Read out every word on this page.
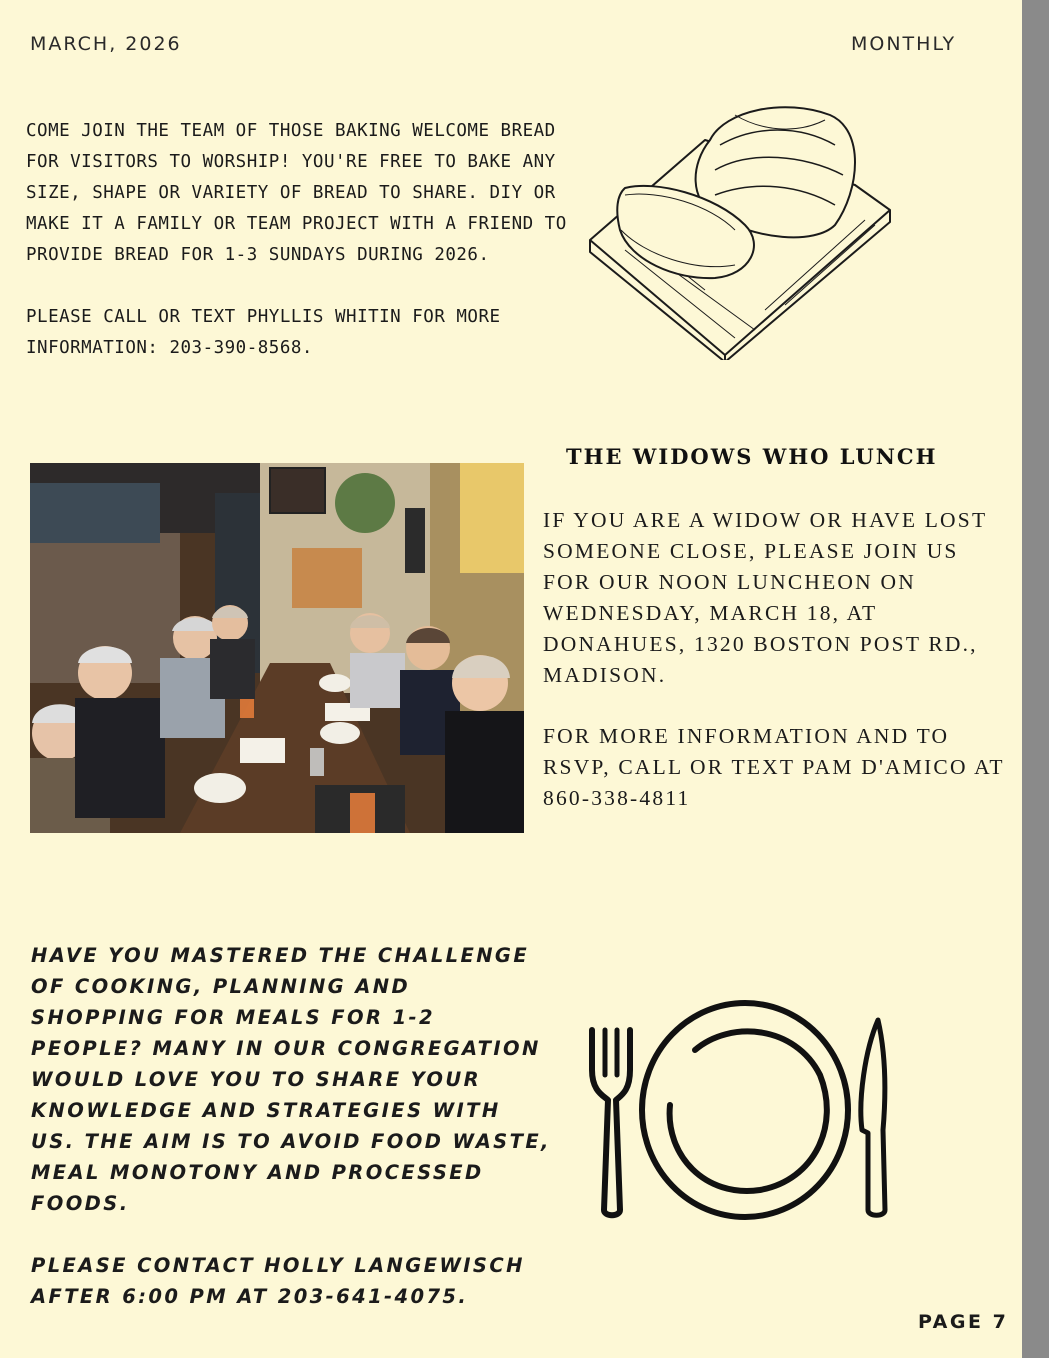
MARCH, 2026	MONTHLY

COME JOIN THE TEAM OF THOSE BAKING WELCOME BREAD FOR VISITORS TO WORSHIP! YOU'RE FREE TO BAKE ANY SIZE, SHAPE OR VARIETY OF BREAD TO SHARE. DIY OR MAKE IT A FAMILY OR TEAM PROJECT WITH A FRIEND TO PROVIDE BREAD FOR 1-3 SUNDAYS DURING 2026.

PLEASE CALL OR TEXT PHYLLIS WHITIN FOR MORE INFORMATION: 203-390-8568.

THE WIDOWS WHO LUNCH

IF YOU ARE A WIDOW OR HAVE LOST SOMEONE CLOSE, PLEASE JOIN US FOR OUR NOON LUNCHEON ON WEDNESDAY, MARCH 18, AT DONAHUES, 1320 BOSTON POST RD., MADISON.

FOR MORE INFORMATION AND TO RSVP, CALL OR TEXT PAM D'AMICO AT 860-338-4811

HAVE YOU MASTERED THE CHALLENGE OF COOKING, PLANNING AND SHOPPING FOR MEALS FOR 1-2 PEOPLE? MANY IN OUR CONGREGATION WOULD LOVE YOU TO SHARE YOUR KNOWLEDGE AND STRATEGIES WITH US. THE AIM IS TO AVOID FOOD WASTE, MEAL MONOTONY AND PROCESSED FOODS.

PLEASE CONTACT HOLLY LANGEWISCH AFTER 6:00 PM AT 203-641-4075.

PAGE 7
